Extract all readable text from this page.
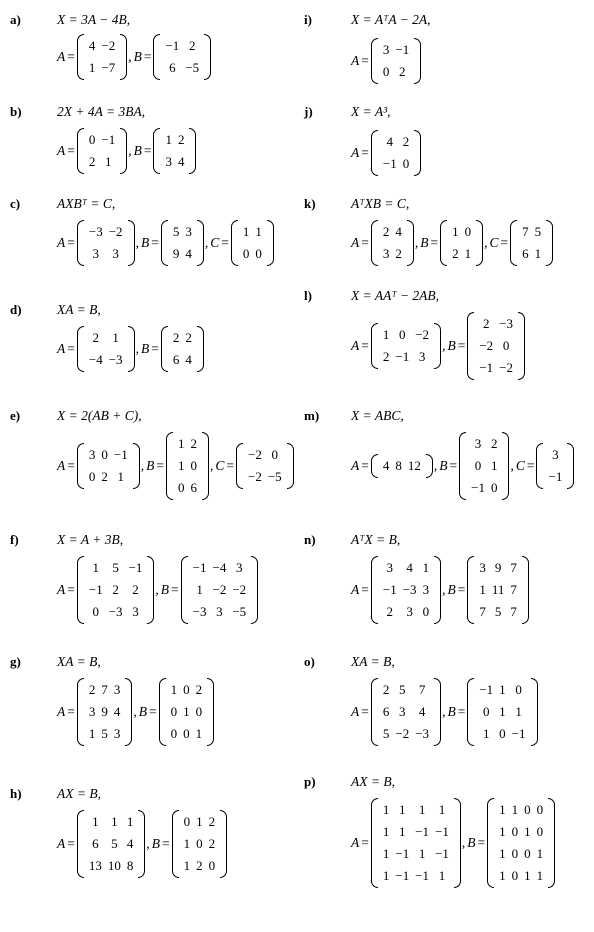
a)	X = 3A − 4B,
A =
4 −2
1 −7
, B =
−1 2
6 −5
b)	2X + 4A = 3BA,
A =
0 −1
2 1
, B =
1 2
3 4
c)	AXBᵀ = C,
A =
−3 −2
3	3
, B =
5 3
9 4
, C =
1 1
0 0
d)	XA = B,
A =
2	1
−4 −3
, B =
2 2
6 4
e)	X = 2(AB + C),
A =
3 0 −1
0 2 1
, B =
1 2
1 0
0 6
, C =
−2 0
−2 −5
f)	X = A + 3B,
A =
1	5 −1
−1 2	2
0 −3 3
, B =
−1 −4 3
1 −2 −2
−3 3 −5
g)	XA = B,
A =
2 7 3
3 9 4
1 5 3
, B =
1 0 2
0 1 0
0 0 1
h)	AX = B,
A =
1 1 1
6 5 4
13 10 8
, B =
0 1 2
1 0 2
1 2 0
i)	X = AᵀA − 2A,
A =
3 −1
0 2
j)	X = A³,
A =
4 2
−1 0
k)	AᵀXB = C,
A =
2 4
3 2
, B =
1 0
2 1
, C =
7 5
6 1
l)	X = AAᵀ − 2AB,
A =
1 0 −2
2 −1 3
, B =
2 −3
−2 0
−1 −2
m) X = ABC,
A = 4 8 12 , B =
3 2
0 1
−1 0
, C =
3
−1
n)	AᵀX = B,
A =
3	4 1
−1 −3 3
2	3 0
, B =
3 9 7
1 11 7
7 5 7
o)	XA = B,
A =
2 5	7
6 3	4
5 −2 −3
, B =
−1 1 0
0 1 1
1 0 −1
p)	AX = B,
A =
1 1	1	1
1 1 −1 −1
1 −1 1 −1
1 −1 −1 1
, B =
1 1 0 0
1 0 1 0
1 0 0 1
1 0 1 1
